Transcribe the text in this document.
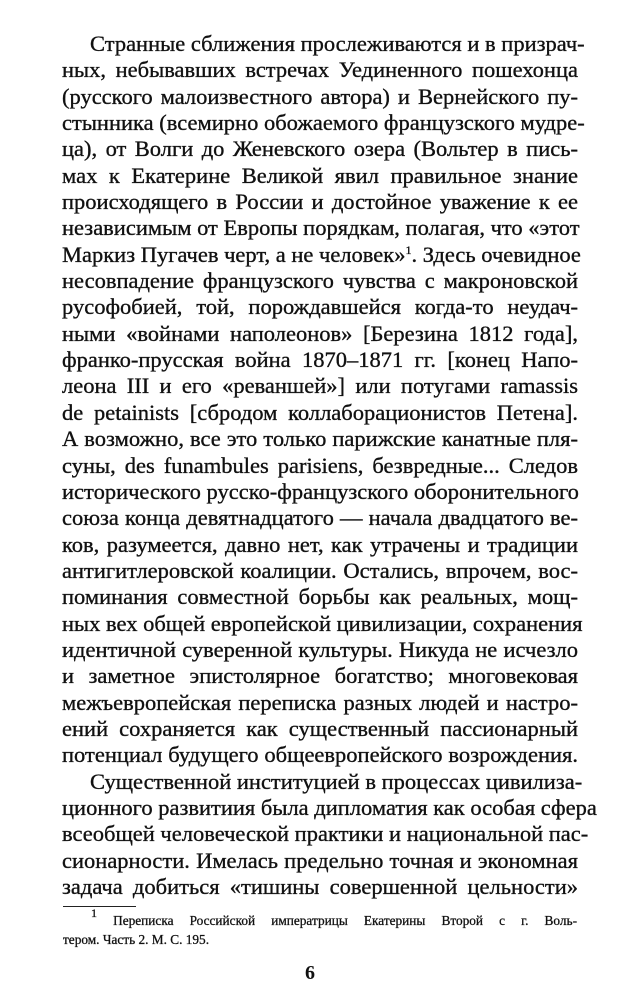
Странные сближения прослеживаются и в призрач-
ных, небывавших встречах Уединенного пошехонца
(русского малоизвестного автора) и Вернейского пу-
стынника (всемирно обожаемого французского мудре-
ца), от Волги до Женевского озера (Вольтер в пись-
мах к Екатерине Великой явил правильное знание
происходящего в России и достойное уважение к ее
независимым от Европы порядкам, полагая, что «этот
Маркиз Пугачев черт, а не человек»$^1$. Здесь очевидное
несовпадение французского чувства с макроновской
русофобией, той, порождавшейся когда-то неудач-
ными «войнами наполеонов» [Березина 1812 года],
франко-прусская война 1870–1871 гг. [конец Напо-
леона III и его «реваншей»] или потугами ramassis
de petainists [сбродом коллаборационистов Петена].
А возможно, все это только парижские канатные пля-
суны, des funambules parisiens, безвредные... Следов
исторического русско-французского оборонительного
союза конца девятнадцатого — начала двадцатого ве-
ков, разумеется, давно нет, как утрачены и традиции
антигитлеровской коалиции. Остались, впрочем, вос-
поминания совместной борьбы как реальных, мощ-
ных вех общей европейской цивилизации, сохранения
идентичной суверенной культуры. Никуда не исчезло
и заметное эпистолярное богатство; многовековая
межъевропейская переписка разных людей и настро-
ений сохраняется как существенный пассионарный
потенциал будущего общеевропейского возрождения.
Существенной институцией в процессах цивилиза-
ционного развитиия была дипломатия как особая сфера
всеобщей человеческой практики и национальной пас-
сионарности. Имелась предельно точная и экономная
задача добиться «тишины совершенной цельности»
$^1$ Переписка Российской императрицы Екатерины Второй с г. Воль-
тером. Часть 2. М. С. 195.
6
